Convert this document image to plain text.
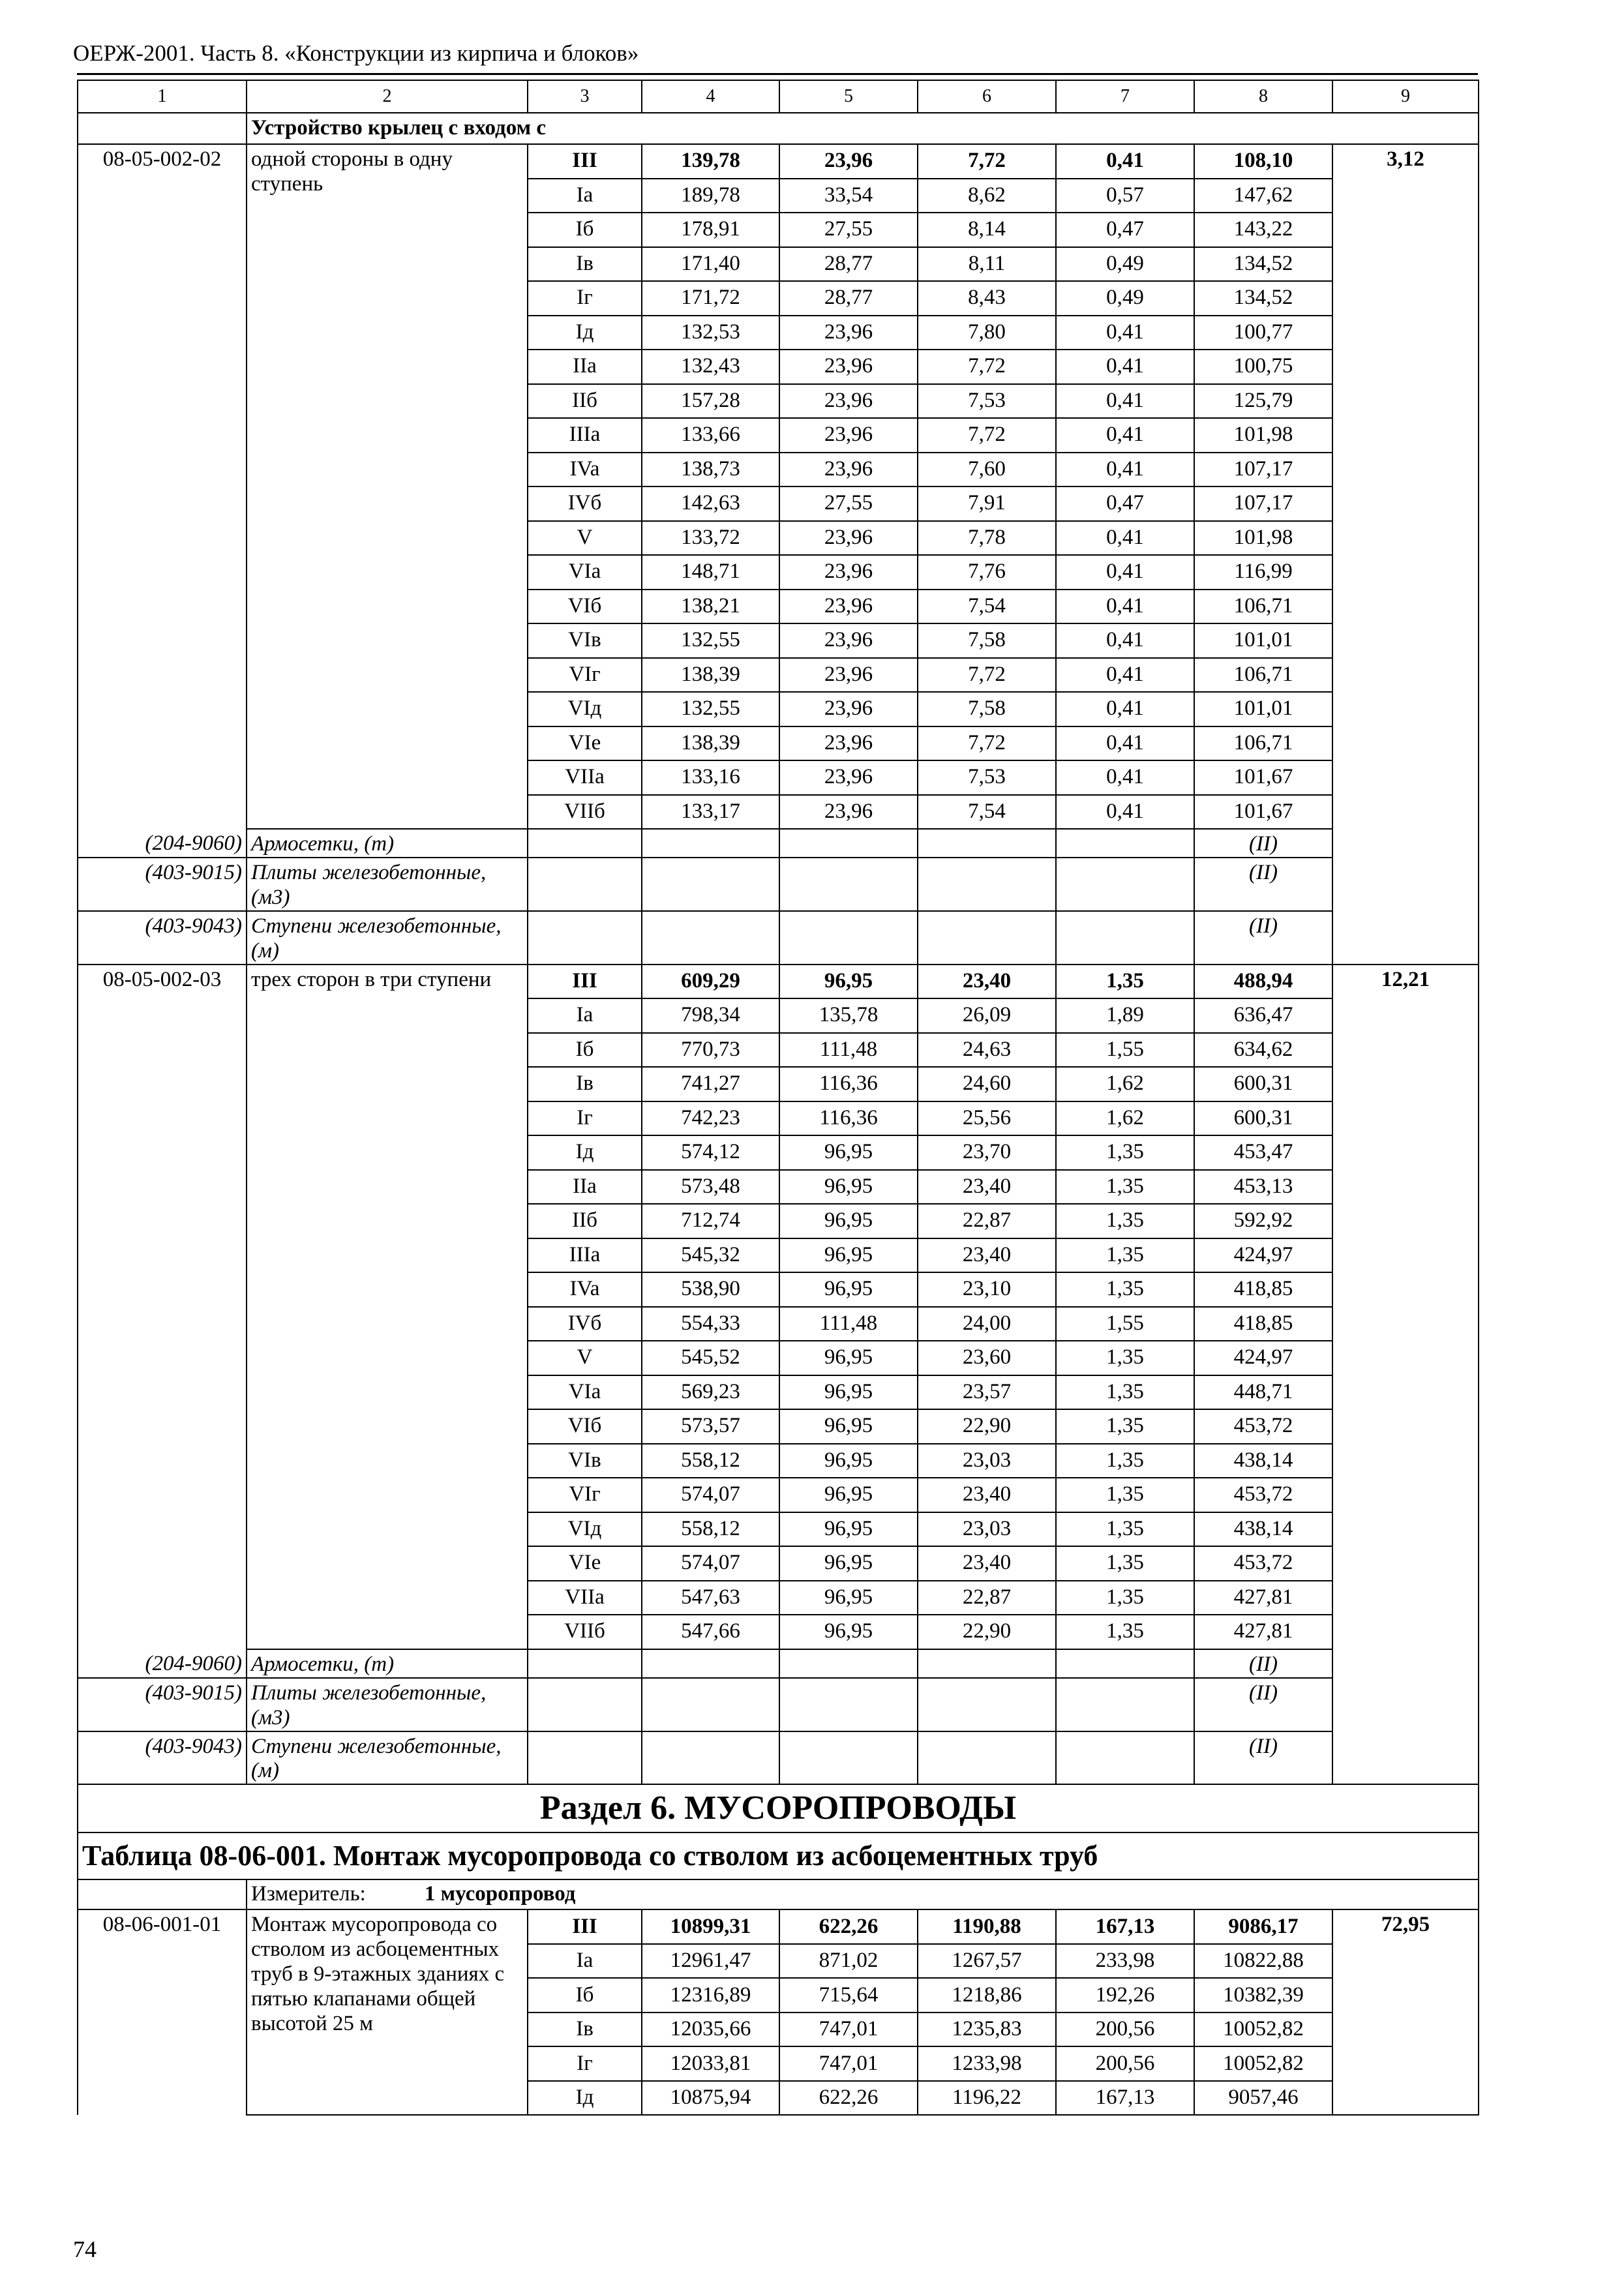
ОЕРЖ-2001. Часть 8. «Конструкции из кирпича и блоков»
1	2	3	4	5	6	7	8	9
	Устройство крылец с входом с							
08-05-002-02	одной стороны в одну ступень	III	139,78	23,96	7,72	0,41	108,10	3,12
		Ia	189,78	33,54	8,62	0,57	147,62	
		Iб	178,91	27,55	8,14	0,47	143,22	
		Iв	171,40	28,77	8,11	0,49	134,52	
		Iг	171,72	28,77	8,43	0,49	134,52	
		Iд	132,53	23,96	7,80	0,41	100,77	
		IIa	132,43	23,96	7,72	0,41	100,75	
		IIб	157,28	23,96	7,53	0,41	125,79	
		IIIa	133,66	23,96	7,72	0,41	101,98	
		IVa	138,73	23,96	7,60	0,41	107,17	
		IVб	142,63	27,55	7,91	0,47	107,17	
		V	133,72	23,96	7,78	0,41	101,98	
		VIa	148,71	23,96	7,76	0,41	116,99	
		VIб	138,21	23,96	7,54	0,41	106,71	
		VIв	132,55	23,96	7,58	0,41	101,01	
		VIг	138,39	23,96	7,72	0,41	106,71	
		VIд	132,55	23,96	7,58	0,41	101,01	
		VIe	138,39	23,96	7,72	0,41	106,71	
		VIIa	133,16	23,96	7,53	0,41	101,67	
		VIIб	133,17	23,96	7,54	0,41	101,67	
(204-9060)	Армосетки, (т)						(II)	
(403-9015)	Плиты железобетонные, (м3)						(II)	
(403-9043)	Ступени железобетонные, (м)						(II)	
08-05-002-03	трех сторон в три ступени	III	609,29	96,95	23,40	1,35	488,94	12,21
		Ia	798,34	135,78	26,09	1,89	636,47	
		Iб	770,73	111,48	24,63	1,55	634,62	
		Iв	741,27	116,36	24,60	1,62	600,31	
		Iг	742,23	116,36	25,56	1,62	600,31	
		Iд	574,12	96,95	23,70	1,35	453,47	
		IIa	573,48	96,95	23,40	1,35	453,13	
		IIб	712,74	96,95	22,87	1,35	592,92	
		IIIa	545,32	96,95	23,40	1,35	424,97	
		IVa	538,90	96,95	23,10	1,35	418,85	
		IVб	554,33	111,48	24,00	1,55	418,85	
		V	545,52	96,95	23,60	1,35	424,97	
		VIa	569,23	96,95	23,57	1,35	448,71	
		VIб	573,57	96,95	22,90	1,35	453,72	
		VIв	558,12	96,95	23,03	1,35	438,14	
		VIг	574,07	96,95	23,40	1,35	453,72	
		VIд	558,12	96,95	23,03	1,35	438,14	
		VIe	574,07	96,95	23,40	1,35	453,72	
		VIIa	547,63	96,95	22,87	1,35	427,81	
		VIIб	547,66	96,95	22,90	1,35	427,81	
(204-9060)	Армосетки, (т)						(II)	
(403-9015)	Плиты железобетонные, (м3)						(II)	
(403-9043)	Ступени железобетонные, (м)						(II)	
Раздел 6. МУСОРОПРОВОДЫ								
Таблица 08-06-001. Монтаж мусоропровода со стволом из асбоцементных труб								
	Измеритель: 1 мусоропровод							
08-06-001-01	Монтаж мусоропровода со стволом из асбоцементных труб в 9-этажных зданиях с пятью клапанами общей высотой 25 м	III	10899,31	622,26	1190,88	167,13	9086,17	72,95
		Ia	12961,47	871,02	1267,57	233,98	10822,88	
		Iб	12316,89	715,64	1218,86	192,26	10382,39	
		Iв	12035,66	747,01	1235,83	200,56	10052,82	
		Iг	12033,81	747,01	1233,98	200,56	10052,82	
		Iд	10875,94	622,26	1196,22	167,13	9057,46	
74
